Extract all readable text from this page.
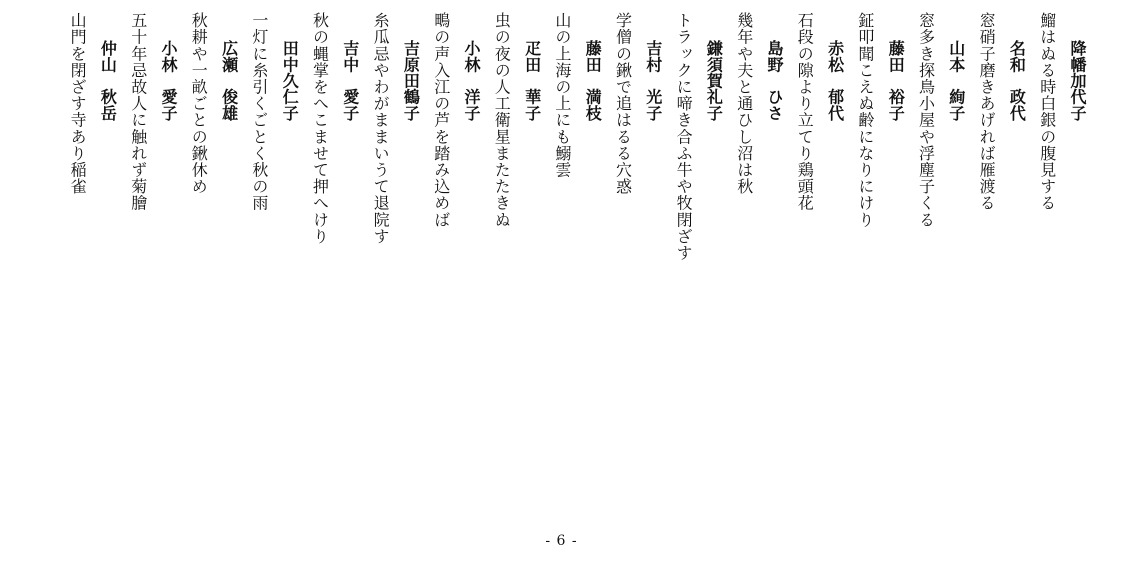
降幡加代子
鰡はぬる時白銀の腹見する
名和　政代
窓硝子磨きあげれば雁渡る
山本　絢子
窓多き探鳥小屋や浮塵子くる
藤田　裕子
鉦叩聞こえぬ齢になりにけり
赤松　郁代
石段の隙より立てり鶏頭花
島野　ひさ
幾年や夫と通ひし沼は秋
鎌須賀礼子
トラックに啼き合ふ牛や牧閉ざす
吉村　光子
学僧の鍬で追はるる穴惑
藤田　満枝
山の上海の上にも鰯雲
疋田　華子
虫の夜の人工衛星またたきぬ
小林　洋子
鴫の声入江の芦を踏み込めば
吉原田鶴子
糸瓜忌やわがままいうて退院す
吉中　愛子
秋の蝿掌をへこませて押へけり
田中久仁子
一灯に糸引くごとく秋の雨
広瀬　俊雄
秋耕や一畝ごとの鍬休め
小林　愛子
五十年忌故人に触れず菊膾
仲山　秋岳
山門を閉ざす寺あり稲雀
- 6 -
